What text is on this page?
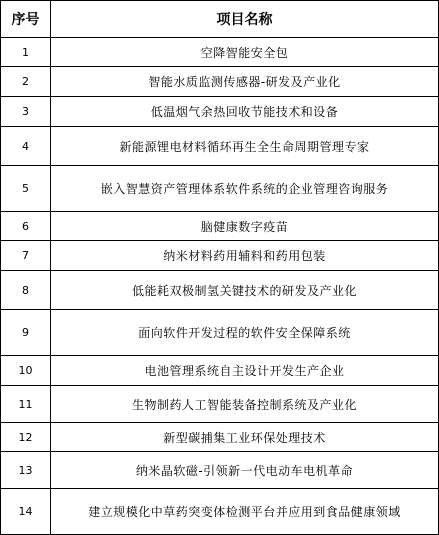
序号	项目名称
1	空降智能安全包
2	智能水质监测传感器-研发及产业化
3	低温烟气余热回收节能技术和设备
4	新能源锂电材料循环再生全生命周期管理专家
5	嵌入智慧资产管理体系软件系统的企业管理咨询服务
6	脑健康数字疫苗
7	纳米材料药用辅料和药用包装
8	低能耗双极制氢关键技术的研发及产业化
9	面向软件开发过程的软件安全保障系统
10	电池管理系统自主设计开发生产企业
11	生物制药人工智能装备控制系统及产业化
12	新型碳捕集工业环保处理技术
13	纳米晶软磁-引领新一代电动车电机革命
14	建立规模化中草药突变体检测平台并应用到食品健康领域
